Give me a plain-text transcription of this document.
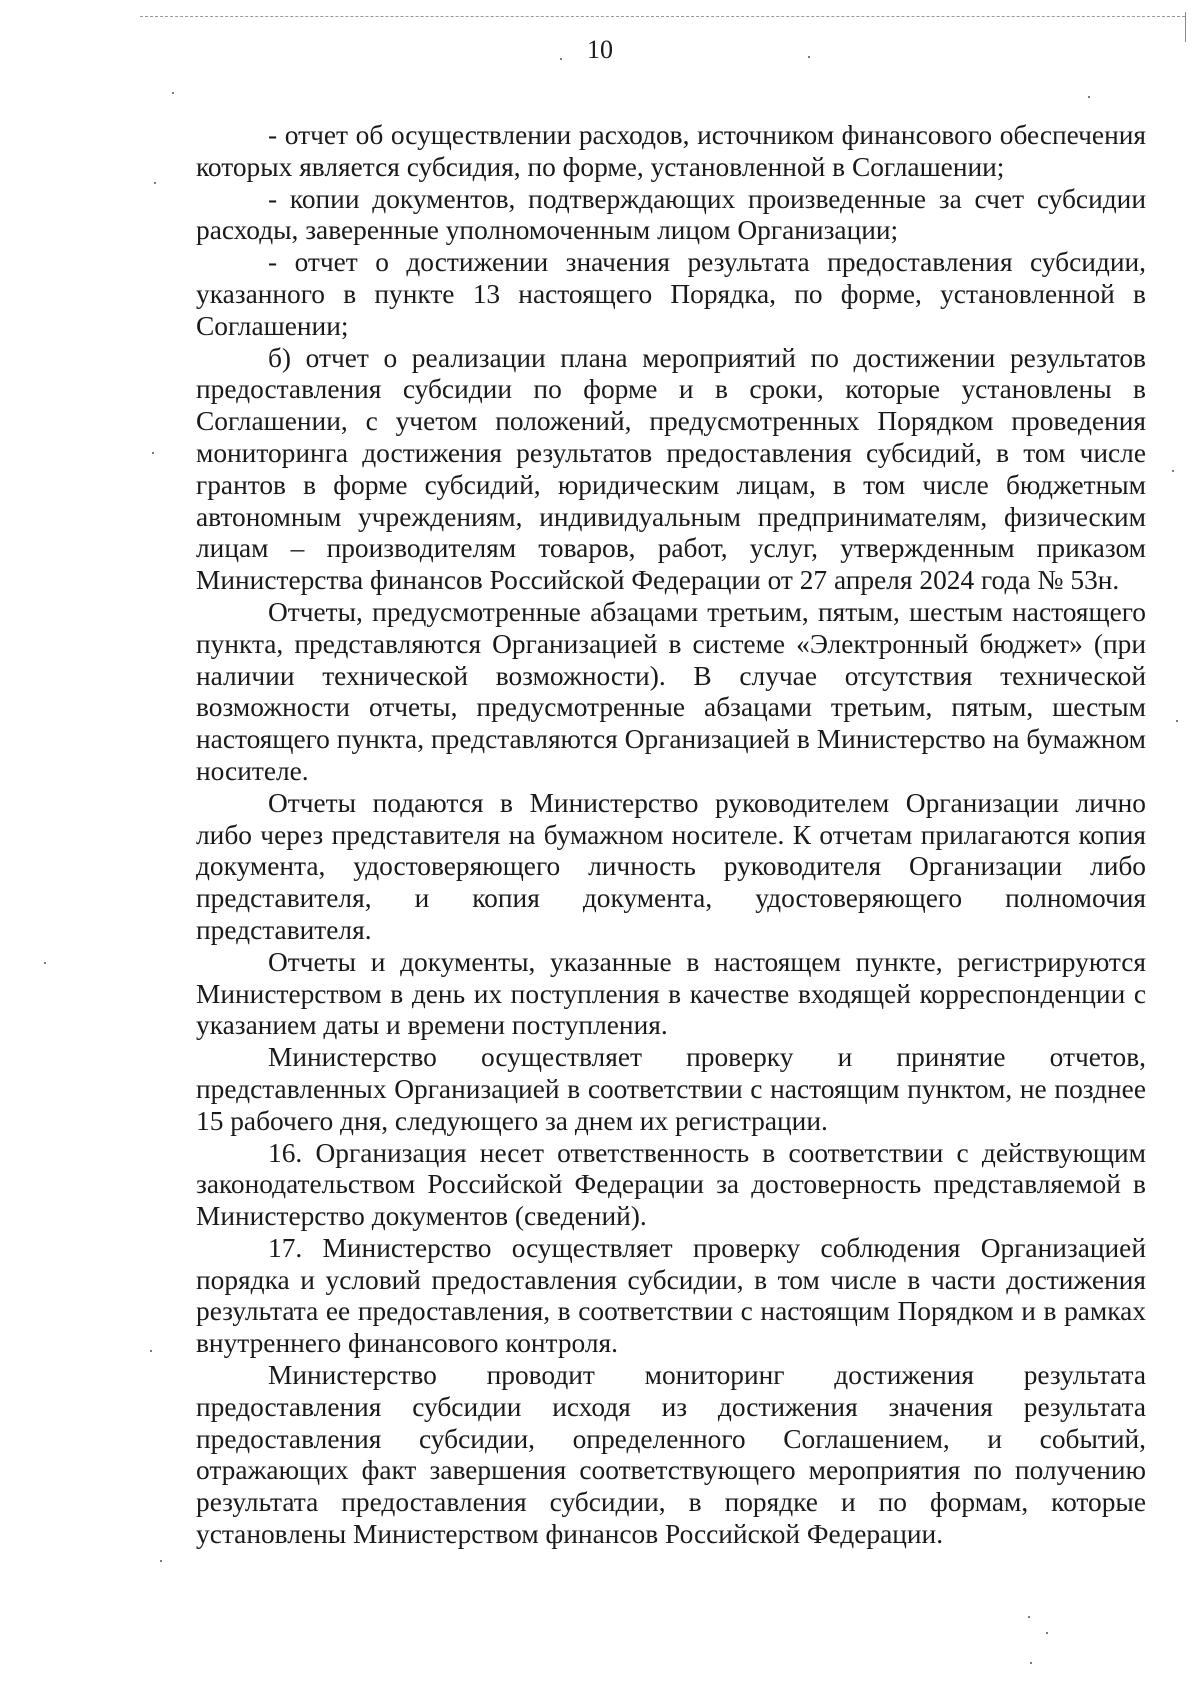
10

- отчет об осуществлении расходов, источником финансового обеспечения которых является субсидия, по форме, установленной в Соглашении;

- копии документов, подтверждающих произведенные за счет субсидии расходы, заверенные уполномоченным лицом Организации;

- отчет о достижении значения результата предоставления субсидии, указанного в пункте 13 настоящего Порядка, по форме, установленной в Соглашении;

б) отчет о реализации плана мероприятий по достижении результатов предоставления субсидии по форме и в сроки, которые установлены в Соглашении, с учетом положений, предусмотренных Порядком проведения мониторинга достижения результатов предоставления субсидий, в том числе грантов в форме субсидий, юридическим лицам, в том числе бюджетным автономным учреждениям, индивидуальным предпринимателям, физическим лицам – производителям товаров, работ, услуг, утвержденным приказом Министерства финансов Российской Федерации от 27 апреля 2024 года № 53н.

Отчеты, предусмотренные абзацами третьим, пятым, шестым настоящего пункта, представляются Организацией в системе «Электронный бюджет» (при наличии технической возможности). В случае отсутствия технической возможности отчеты, предусмотренные абзацами третьим, пятым, шестым настоящего пункта, представляются Организацией в Министерство на бумажном носителе.

Отчеты подаются в Министерство руководителем Организации лично либо через представителя на бумажном носителе. К отчетам прилагаются копия документа, удостоверяющего личность руководителя Организации либо представителя, и копия документа, удостоверяющего полномочия представителя.

Отчеты и документы, указанные в настоящем пункте, регистрируются Министерством в день их поступления в качестве входящей корреспонденции с указанием даты и времени поступления.

Министерство осуществляет проверку и принятие отчетов, представленных Организацией в соответствии с настоящим пунктом, не позднее 15 рабочего дня, следующего за днем их регистрации.

16. Организация несет ответственность в соответствии с действующим законодательством Российской Федерации за достоверность представляемой в Министерство документов (сведений).

17. Министерство осуществляет проверку соблюдения Организацией порядка и условий предоставления субсидии, в том числе в части достижения результата ее предоставления, в соответствии с настоящим Порядком и в рамках внутреннего финансового контроля.

Министерство проводит мониторинг достижения результата предоставления субсидии исходя из достижения значения результата предоставления субсидии, определенного Соглашением, и событий, отражающих факт завершения соответствующего мероприятия по получению результата предоставления субсидии, в порядке и по формам, которые установлены Министерством финансов Российской Федерации.
